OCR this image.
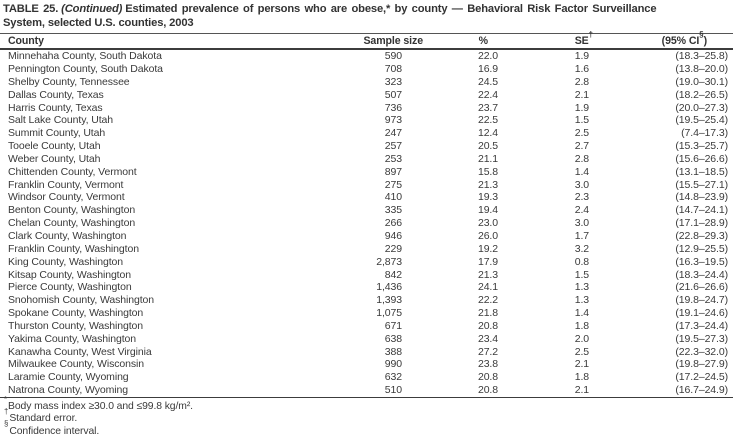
TABLE 25. (Continued) Estimated prevalence of persons who are obese,* by county — Behavioral Risk Factor Surveillance
System, selected U.S. counties, 2003
County	Sample size	%	SE†	(95% CI§)
Minnehaha County, South Dakota	590	22.0	1.9	(18.3–25.8)
Pennington County, South Dakota	708	16.9	1.6	(13.8–20.0)
Shelby County, Tennessee	323	24.5	2.8	(19.0–30.1)
Dallas County, Texas	507	22.4	2.1	(18.2–26.5)
Harris County, Texas	736	23.7	1.9	(20.0–27.3)
Salt Lake County, Utah	973	22.5	1.5	(19.5–25.4)
Summit County, Utah	247	12.4	2.5	(7.4–17.3)
Tooele County, Utah	257	20.5	2.7	(15.3–25.7)
Weber County, Utah	253	21.1	2.8	(15.6–26.6)
Chittenden County, Vermont	897	15.8	1.4	(13.1–18.5)
Franklin County, Vermont	275	21.3	3.0	(15.5–27.1)
Windsor County, Vermont	410	19.3	2.3	(14.8–23.9)
Benton County, Washington	335	19.4	2.4	(14.7–24.1)
Chelan County, Washington	266	23.0	3.0	(17.1–28.9)
Clark County, Washington	946	26.0	1.7	(22.8–29.3)
Franklin County, Washington	229	19.2	3.2	(12.9–25.5)
King County, Washington	2,873	17.9	0.8	(16.3–19.5)
Kitsap County, Washington	842	21.3	1.5	(18.3–24.4)
Pierce County, Washington	1,436	24.1	1.3	(21.6–26.6)
Snohomish County, Washington	1,393	22.2	1.3	(19.8–24.7)
Spokane County, Washington	1,075	21.8	1.4	(19.1–24.6)
Thurston County, Washington	671	20.8	1.8	(17.3–24.4)
Yakima County, Washington	638	23.4	2.0	(19.5–27.3)
Kanawha County, West Virginia	388	27.2	2.5	(22.3–32.0)
Milwaukee County, Wisconsin	990	23.8	2.1	(19.8–27.9)
Laramie County, Wyoming	632	20.8	1.8	(17.2–24.5)
Natrona County, Wyoming	510	20.8	2.1	(16.7–24.9)
*Body mass index ≥30.0 and ≤99.8 kg/m².
†Standard error.
§Confidence interval.
